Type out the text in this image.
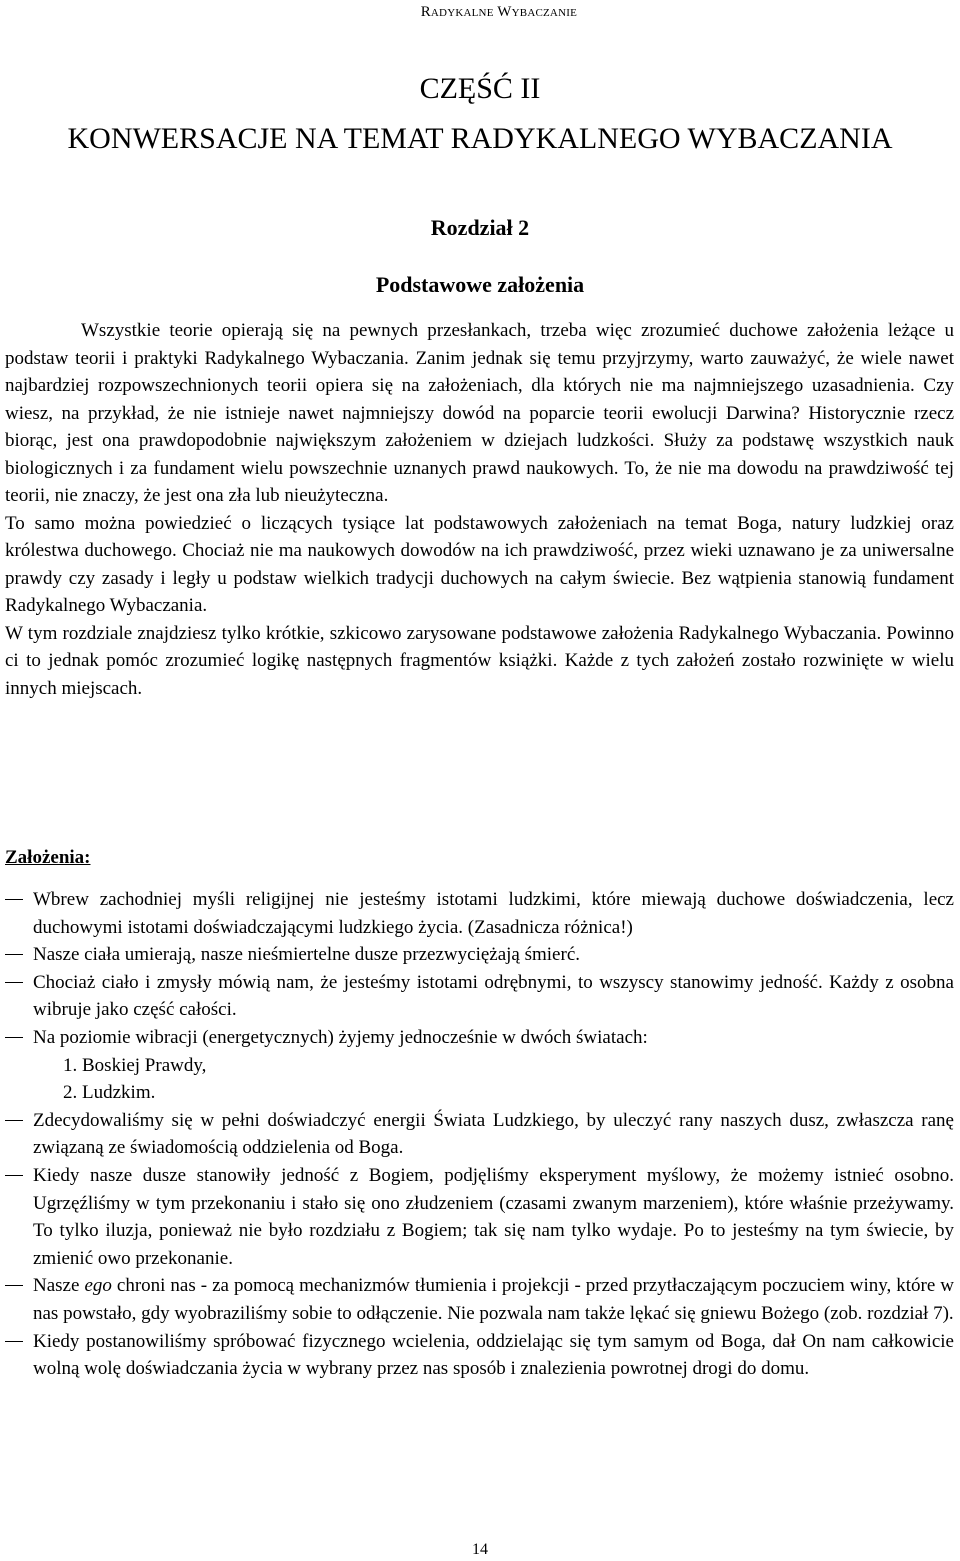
Radykalne Wybaczanie
CZĘŚĆ II
KONWERSACJE NA TEMAT RADYKALNEGO WYBACZANIA
Rozdział 2
Podstawowe założenia

Wszystkie teorie opierają się na pewnych przesłankach, trzeba więc zrozumieć duchowe założenia leżące u podstaw teorii i praktyki Radykalnego Wybaczania. Zanim jednak się temu przyjrzymy, warto zauważyć, że wiele nawet najbardziej rozpowszechnionych teorii opiera się na założeniach, dla których nie ma najmniejszego uzasadnienia. Czy wiesz, na przykład, że nie istnieje nawet najmniejszy dowód na poparcie teorii ewolucji Darwina? Historycznie rzecz biorąc, jest ona prawdopodobnie największym założeniem w dziejach ludzkości. Służy za podstawę wszystkich nauk biologicznych i za fundament wielu powszechnie uznanych prawd naukowych. To, że nie ma dowodu na prawdziwość tej teorii, nie znaczy, że jest ona zła lub nieużyteczna.

To samo można powiedzieć o liczących tysiące lat podstawowych założeniach na temat Boga, natury ludzkiej oraz królestwa duchowego. Chociaż nie ma naukowych dowodów na ich prawdziwość, przez wieki uznawano je za uniwersalne prawdy czy zasady i legły u podstaw wielkich tradycji duchowych na całym świecie. Bez wątpienia stanowią fundament Radykalnego Wybaczania.

W tym rozdziale znajdziesz tylko krótkie, szkicowo zarysowane podstawowe założenia Radykalnego Wybaczania. Powinno ci to jednak pomóc zrozumieć logikę następnych fragmentów książki. Każde z tych założeń zostało rozwinięte w wielu innych miejscach.

Założenia:
Wbrew zachodniej myśli religijnej nie jesteśmy istotami ludzkimi, które miewają duchowe doświadczenia, lecz duchowymi istotami doświadczającymi ludzkiego życia. (Zasadnicza różnica!)
Nasze ciała umierają, nasze nieśmiertelne dusze przezwyciężają śmierć.
Chociaż ciało i zmysły mówią nam, że jesteśmy istotami odrębnymi, to wszyscy stanowimy jedność. Każdy z osobna wibruje jako część całości.
Na poziomie wibracji (energetycznych) żyjemy jednocześnie w dwóch światach:
1. Boskiej Prawdy,
2. Ludzkim.
Zdecydowaliśmy się w pełni doświadczyć energii Świata Ludzkiego, by uleczyć rany naszych dusz, zwłaszcza ranę związaną ze świadomością oddzielenia od Boga.
Kiedy nasze dusze stanowiły jedność z Bogiem, podjęliśmy eksperyment myślowy, że możemy istnieć osobno. Ugrzęźliśmy w tym przekonaniu i stało się ono złudzeniem (czasami zwanym marzeniem), które właśnie przeżywamy. To tylko iluzja, ponieważ nie było rozdziału z Bogiem; tak się nam tylko wydaje. Po to jesteśmy na tym świecie, by zmienić owo przekonanie.
Nasze ego chroni nas - za pomocą mechanizmów tłumienia i projekcji - przed przytłaczającym poczuciem winy, które w nas powstało, gdy wyobraziliśmy sobie to odłączenie. Nie pozwala nam także lękać się gniewu Bożego (zob. rozdział 7).
Kiedy postanowiliśmy spróbować fizycznego wcielenia, oddzielając się tym samym od Boga, dał On nam całkowicie wolną wolę doświadczania życia w wybrany przez nas sposób i znalezienia powrotnej drogi do domu.
14
